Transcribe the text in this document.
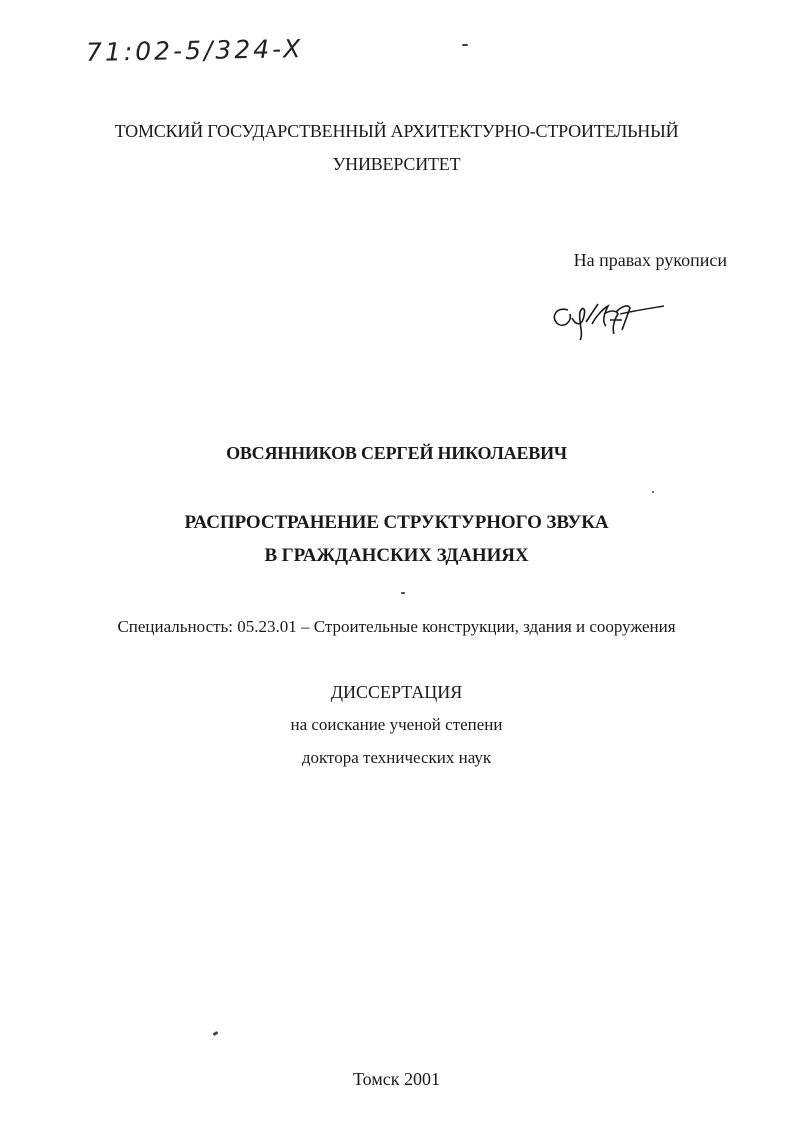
71:02-5/324-X
ТОМСКИЙ ГОСУДАРСТВЕННЫЙ АРХИТЕКТУРНО-СТРОИТЕЛЬНЫЙ
УНИВЕРСИТЕТ
На правах рукописи
ОВСЯННИКОВ СЕРГЕЙ НИКОЛАЕВИЧ
РАСПРОСТРАНЕНИЕ СТРУКТУРНОГО ЗВУКА
В ГРАЖДАНСКИХ ЗДАНИЯХ
Специальность: 05.23.01 – Строительные конструкции, здания и сооружения
ДИССЕРТАЦИЯ
на соискание ученой степени
доктора технических наук
Томск 2001
